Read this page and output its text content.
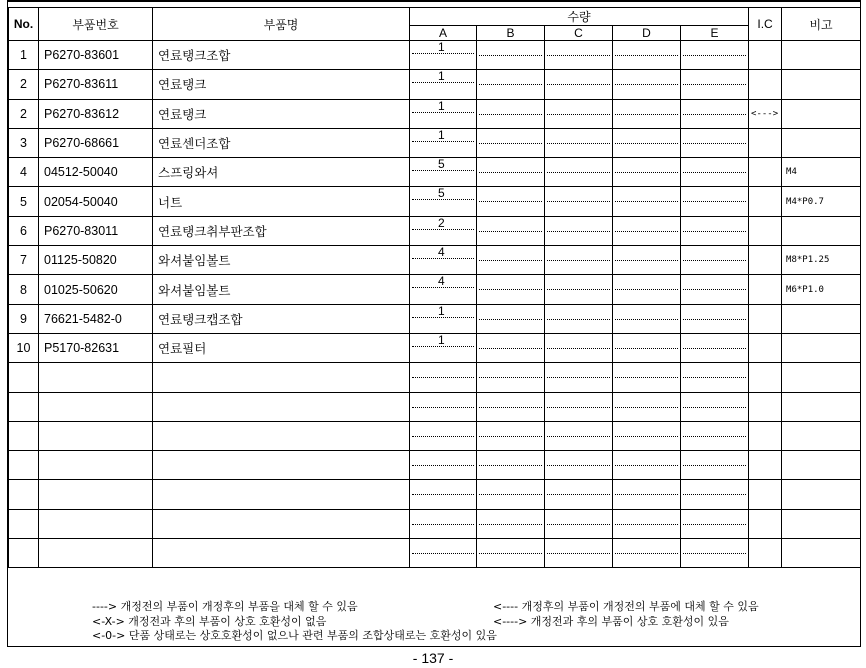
No.	부품번호	부품명	수량					I.C	비고
			A	B	C	D	E		
1	P6270-83601	연료탱크조합	1						

2	P6270-83611	연료탱크	1						

2	P6270-83612	연료탱크	1					<--->	
3	P6270-68661	연료센더조합	1						

4	04512-50040	스프링와셔	5						M4
5	02054-50040	너트	5						M4*P0.7
6	P6270-83011	연료탱크취부판조합	2						

7	01125-50820	와셔붙임볼트	4						M8*P1.25
8	01025-50620	와셔붙임볼트	4						M6*P1.0
9	76621-5482-0	연료탱크캡조합	1						

10	P5170-82631	연료필터	1						

----> 개정전의 부품이 개정후의 부품을 대체 할 수 있음
<-X-> 개정전과 후의 부품이 상호 호환성이 없음
<---- 개정후의 부품이 개정전의 부품에 대체 할 수 있음
<----> 개정전과 후의 부품이 상호 호환성이 있음
<-0-> 단품 상태로는 상호호환성이 없으나 관련 부품의 조합상태로는 호환성이 있음
- 137 -
